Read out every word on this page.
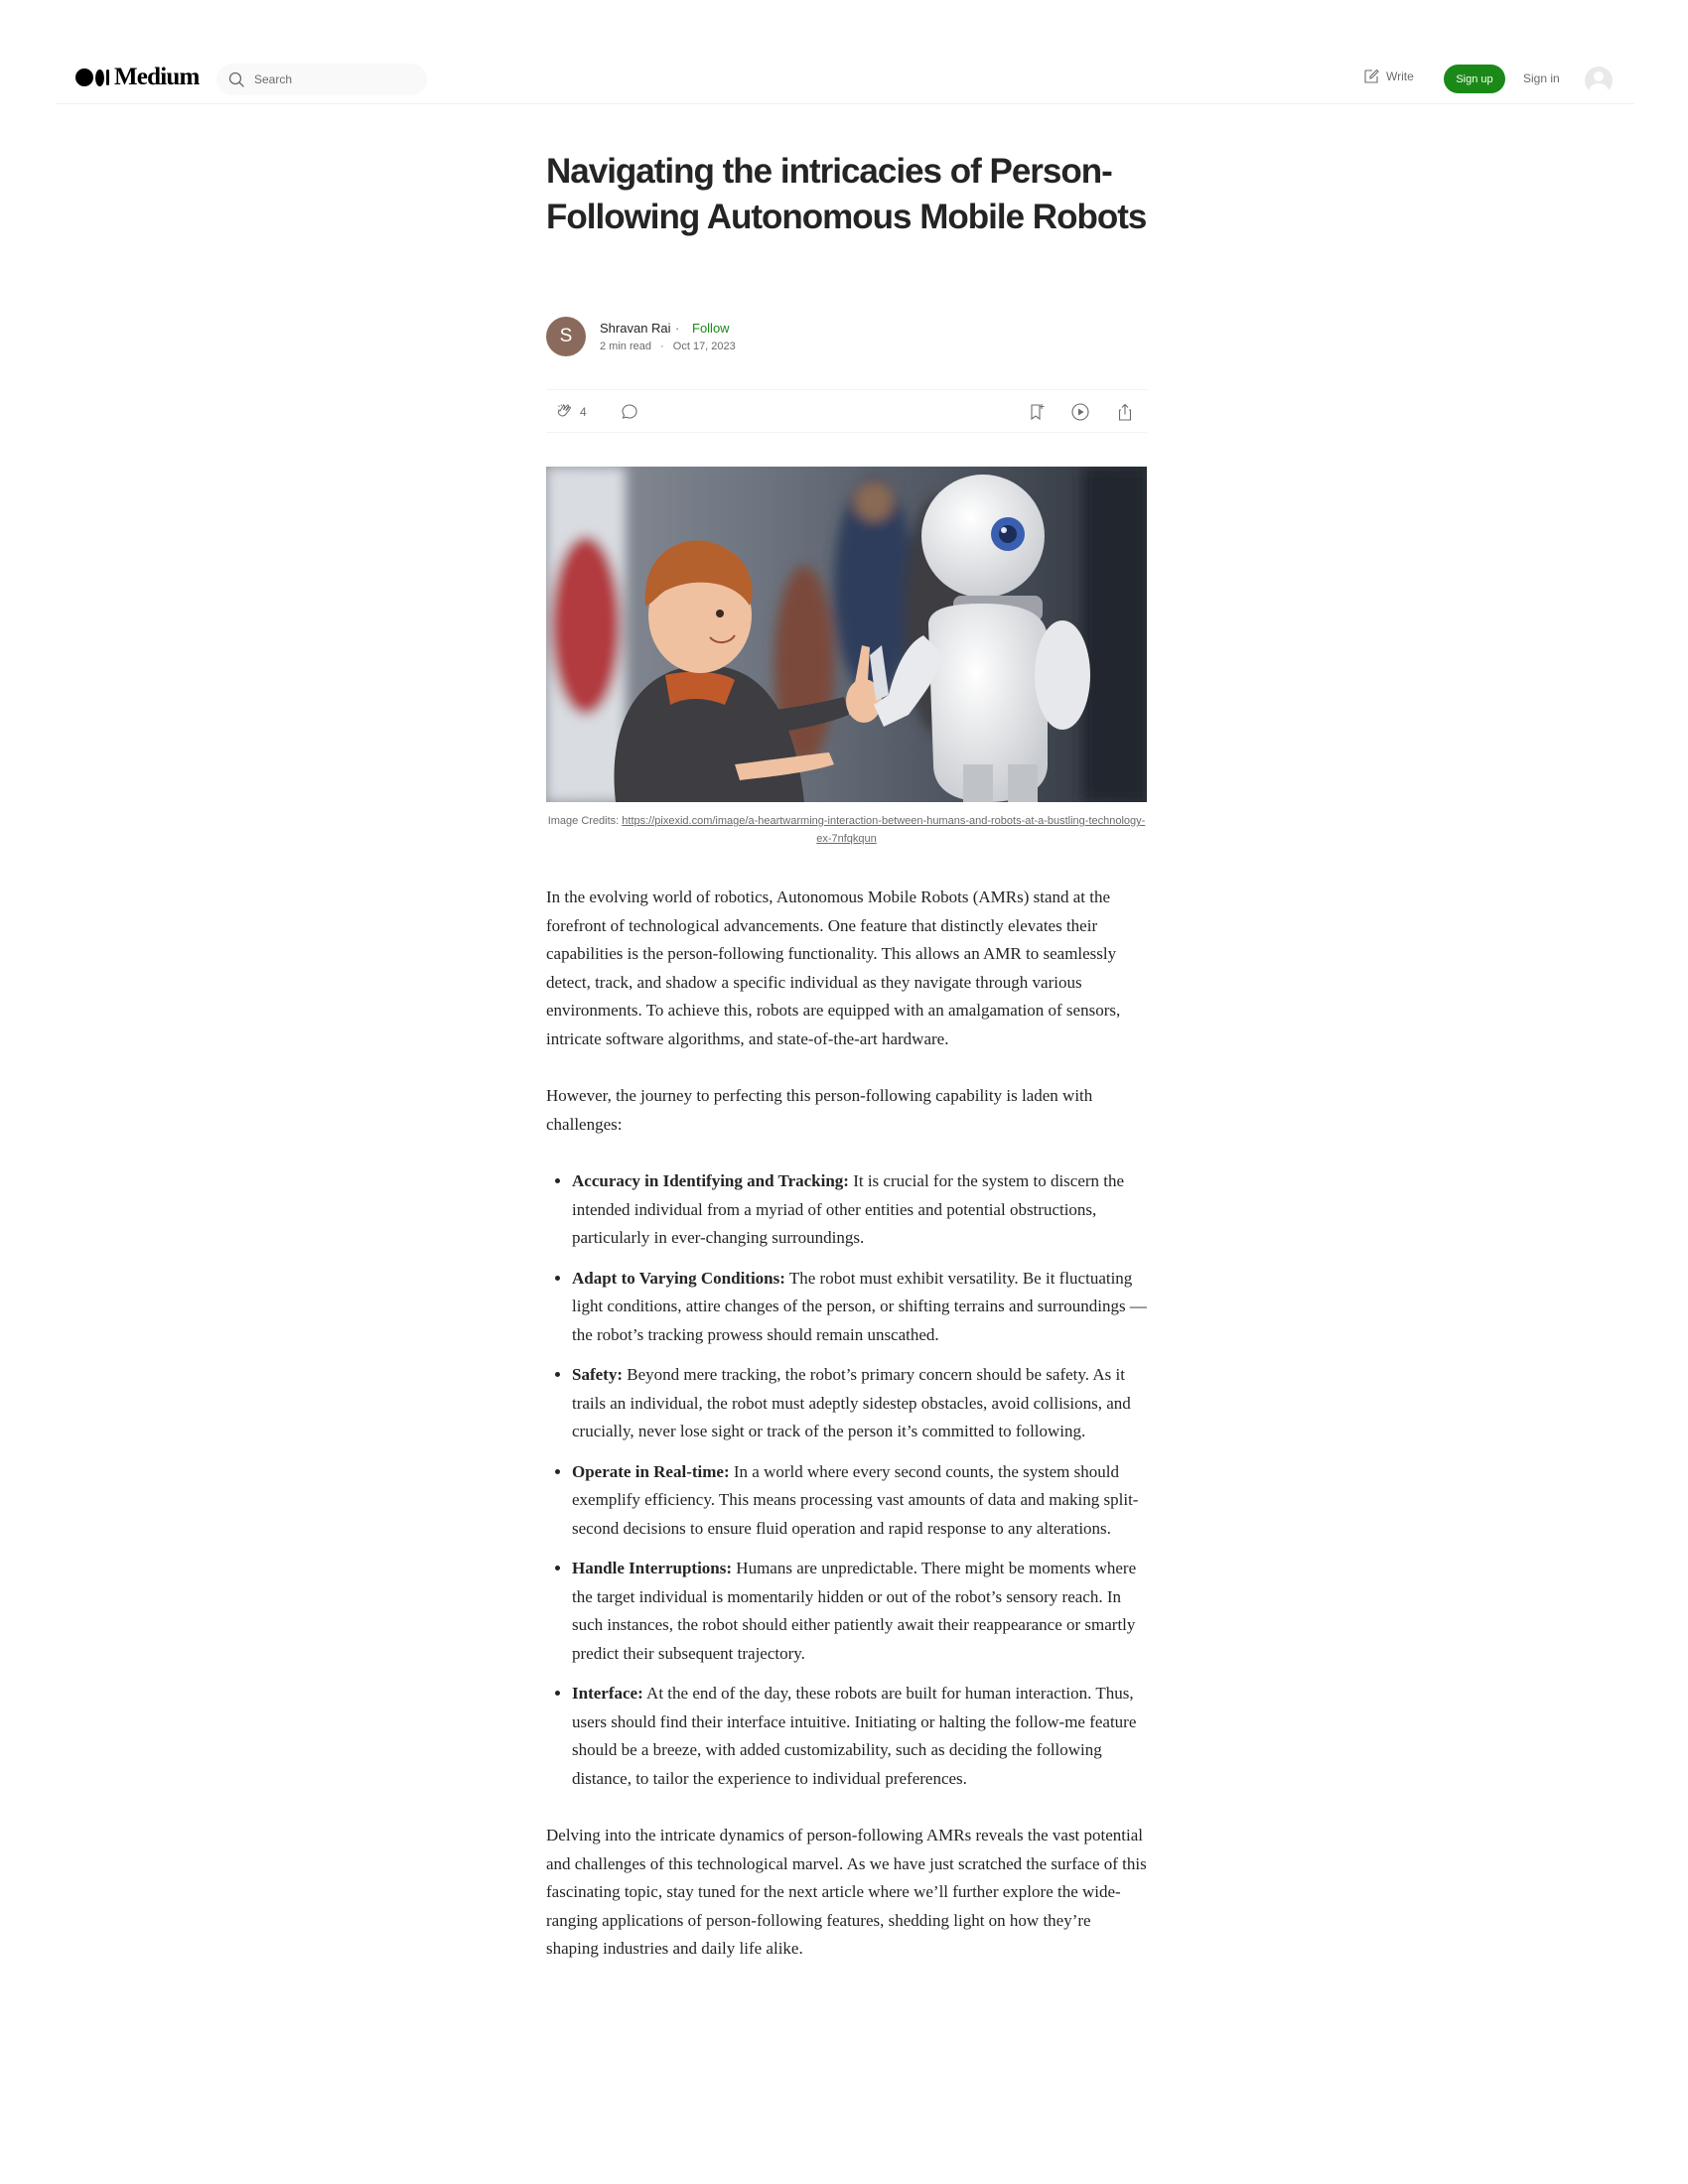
Medium
Search	Write	Sign up	Sign in
Navigating the intricacies of Person-Following Autonomous Mobile Robots
S	Shravan Rai · Follow
2 min read · Oct 17, 2023
4
Image Credits: https://pixexid.com/image/a-heartwarming-interaction-between-humans-and-robots-at-a-bustling-technology-ex-7nfqkqun

In the evolving world of robotics, Autonomous Mobile Robots (AMRs) stand at the forefront of technological advancements. One feature that distinctly elevates their capabilities is the person-following functionality. This allows an AMR to seamlessly detect, track, and shadow a specific individual as they navigate through various environments. To achieve this, robots are equipped with an amalgamation of sensors, intricate software algorithms, and state-of-the-art hardware.

However, the journey to perfecting this person-following capability is laden with challenges:

• Accuracy in Identifying and Tracking: It is crucial for the system to discern the intended individual from a myriad of other entities and potential obstructions, particularly in ever-changing surroundings.
• Adapt to Varying Conditions: The robot must exhibit versatility. Be it fluctuating light conditions, attire changes of the person, or shifting terrains and surroundings — the robot’s tracking prowess should remain unscathed.
• Safety: Beyond mere tracking, the robot’s primary concern should be safety. As it trails an individual, the robot must adeptly sidestep obstacles, avoid collisions, and crucially, never lose sight or track of the person it’s committed to following.
• Operate in Real-time: In a world where every second counts, the system should exemplify efficiency. This means processing vast amounts of data and making split-second decisions to ensure fluid operation and rapid response to any alterations.
• Handle Interruptions: Humans are unpredictable. There might be moments where the target individual is momentarily hidden or out of the robot’s sensory reach. In such instances, the robot should either patiently await their reappearance or smartly predict their subsequent trajectory.
• Interface: At the end of the day, these robots are built for human interaction. Thus, users should find their interface intuitive. Initiating or halting the follow-me feature should be a breeze, with added customizability, such as deciding the following distance, to tailor the experience to individual preferences.

Delving into the intricate dynamics of person-following AMRs reveals the vast potential and challenges of this technological marvel. As we have just scratched the surface of this fascinating topic, stay tuned for the next article where we’ll further explore the wide-ranging applications of person-following features, shedding light on how they’re shaping industries and daily life alike.
